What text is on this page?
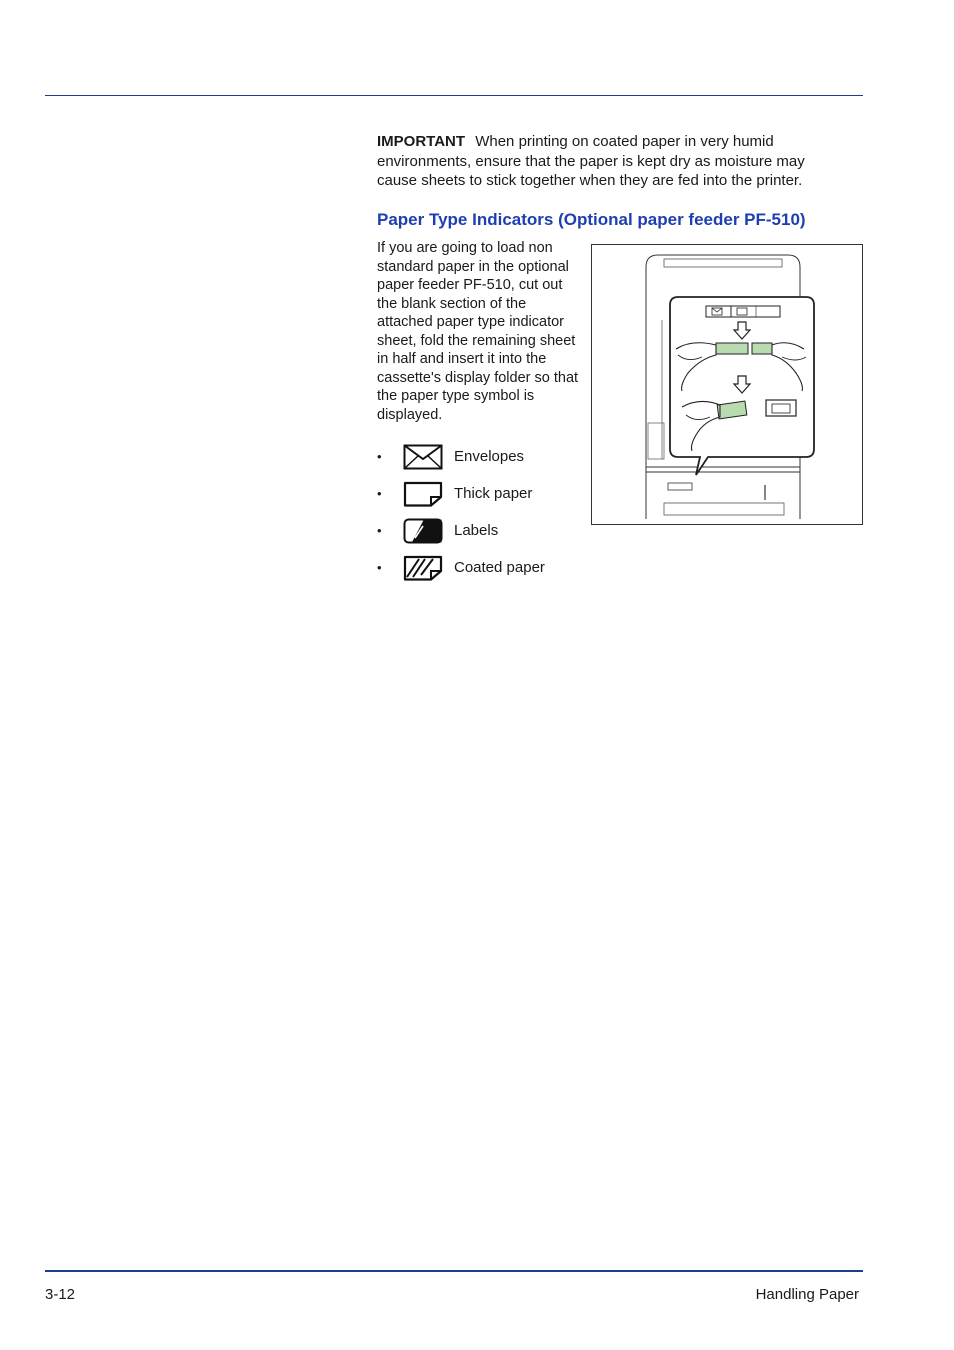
IMPORTANT When printing on coated paper in very humid environments, ensure that the paper is kept dry as moisture may cause sheets to stick together when they are fed into the printer.
Paper Type Indicators (Optional paper feeder PF-510)
If you are going to load non standard paper in the optional paper feeder PF-510, cut out the blank section of the attached paper type indicator sheet, fold the remaining sheet in half and insert it into the cassette's display folder so that the paper type symbol is displayed.
•	Envelopes
•	Thick paper
•	Labels
•	Coated paper
3-12	Handling Paper
